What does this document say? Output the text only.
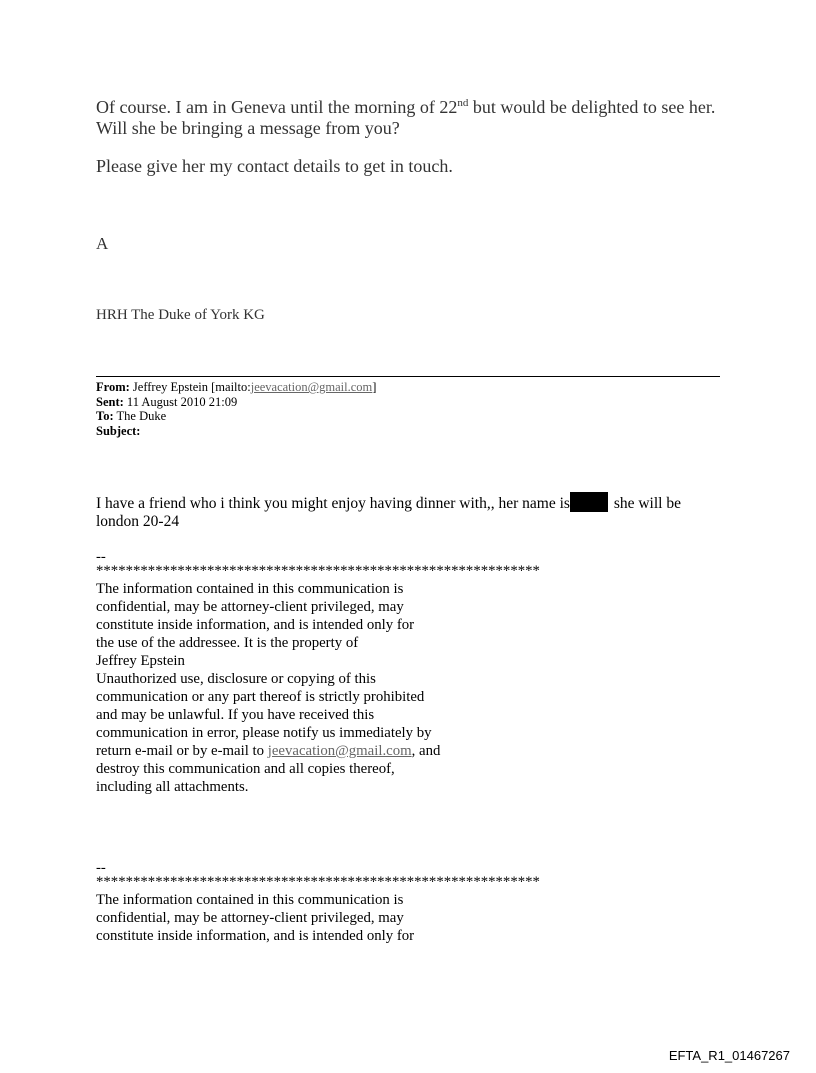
Of course. I am in Geneva until the morning of 22nd but would be delighted to see her. Will she be bringing a message from you?

Please give her my contact details to get in touch.

A
HRH The Duke of York KG
From: Jeffrey Epstein [mailto:jeevacation@gmail.com]
Sent: 11 August 2010 21:09
To: The Duke
Subject:
I have a friend who i think you might enjoy having dinner with,, her name is	she will be london 20-24
--
************************************************************
The information contained in this communication is
confidential, may be attorney-client privileged, may
constitute inside information, and is intended only for
the use of the addressee. It is the property of
Jeffrey Epstein
Unauthorized use, disclosure or copying of this
communication or any part thereof is strictly prohibited
and may be unlawful. If you have received this
communication in error, please notify us immediately by
return e-mail or by e-mail to jeevacation@gmail.com, and
destroy this communication and all copies thereof,
including all attachments.
--
************************************************************
The information contained in this communication is
confidential, may be attorney-client privileged, may
constitute inside information, and is intended only for
EFTA_R1_01467267
